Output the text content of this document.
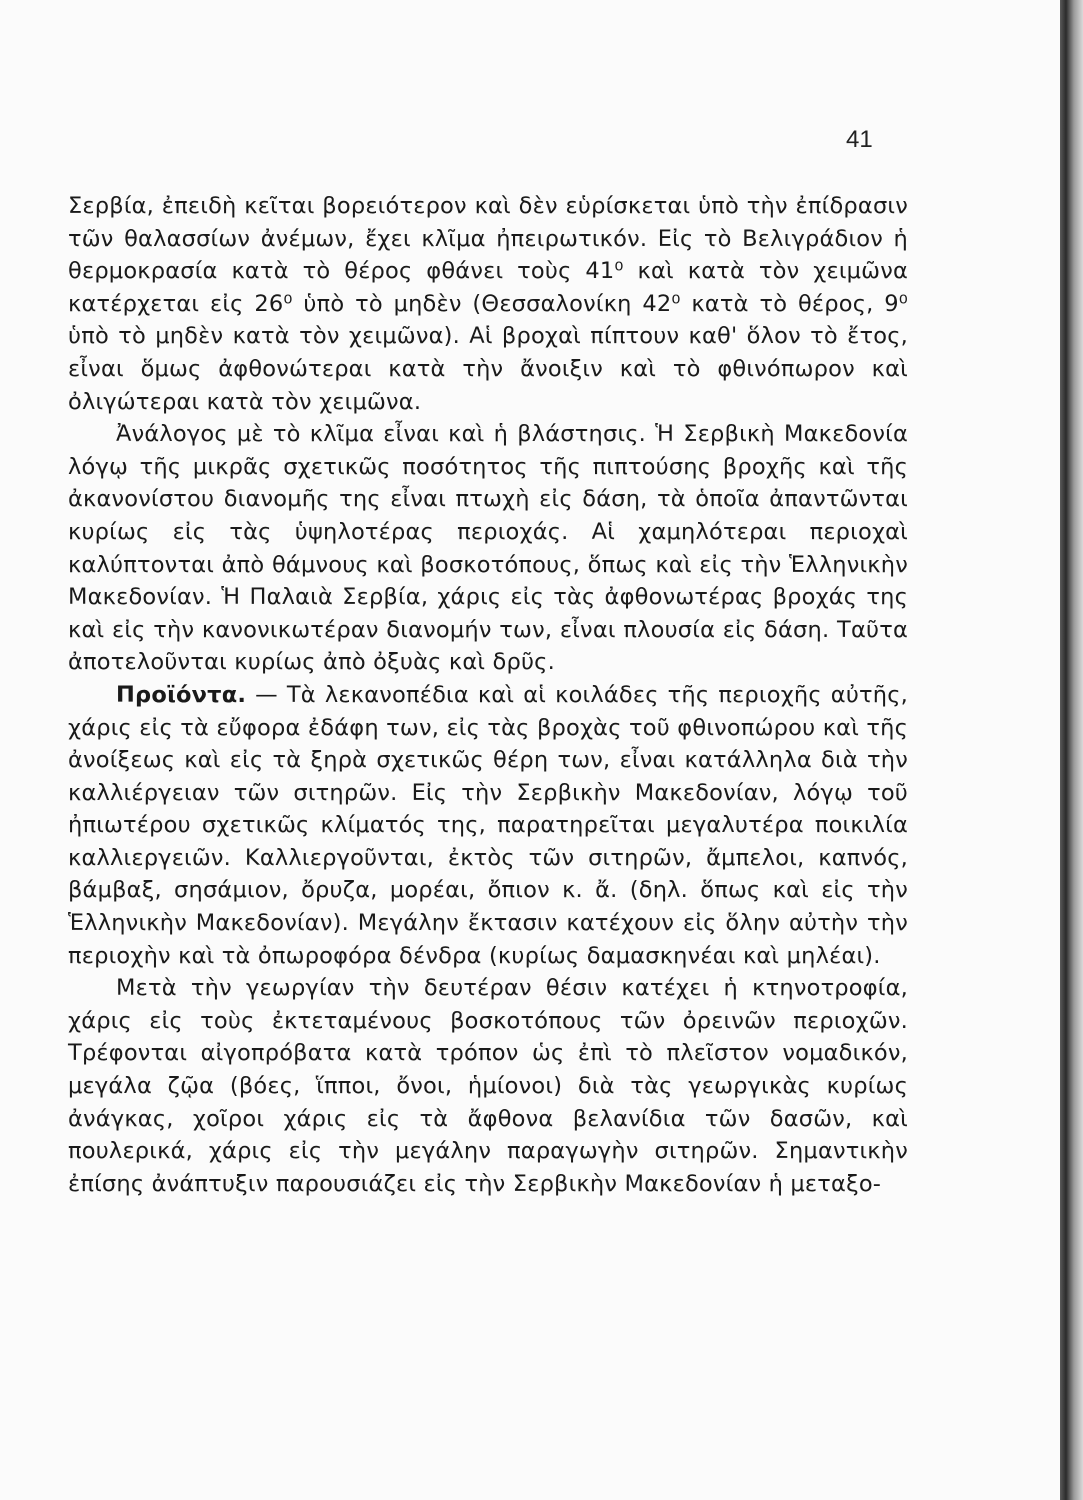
41

Σερβία, ἐπειδὴ κεῖται βορειότερον καὶ δὲν εὑρίσκεται ὑπὸ τὴν ἐπίδρασιν τῶν θαλασσίων ἀνέμων, ἔχει κλῖμα ἠπειρωτικόν. Εἰς τὸ Βελιγράδιον ἡ θερμοκρασία κατὰ τὸ θέρος φθάνει τοὺς 41⁰ καὶ κατὰ τὸν χειμῶνα κατέρχεται εἰς 26⁰ ὑπὸ τὸ μηδὲν (Θεσσαλονίκη 42⁰ κατὰ τὸ θέρος, 9⁰ ὑπὸ τὸ μηδὲν κατὰ τὸν χειμῶνα). Αἱ βροχαὶ πίπτουν καθ' ὅλον τὸ ἔτος, εἶναι ὅμως ἀφθονώτεραι κατὰ τὴν ἄνοιξιν καὶ τὸ φθινόπωρον καὶ ὀλιγώτεραι κατὰ τὸν χειμῶνα.

Ἀνάλογος μὲ τὸ κλῖμα εἶναι καὶ ἡ βλάστησις. Ἡ Σερβικὴ Μακεδονία λόγῳ τῆς μικρᾶς σχετικῶς ποσότητος τῆς πιπτούσης βροχῆς καὶ τῆς ἀκανονίστου διανομῆς της εἶναι πτωχὴ εἰς δάση, τὰ ὁποῖα ἀπαντῶνται κυρίως εἰς τὰς ὑψηλοτέρας περιοχάς. Αἱ χαμηλότεραι περιοχαὶ καλύπτονται ἀπὸ θάμνους καὶ βοσκοτόπους, ὅπως καὶ εἰς τὴν Ἑλληνικὴν Μακεδονίαν. Ἡ Παλαιὰ Σερβία, χάρις εἰς τὰς ἀφθονωτέρας βροχάς της καὶ εἰς τὴν κανονικωτέραν διανομήν των, εἶναι πλουσία εἰς δάση. Ταῦτα ἀποτελοῦνται κυρίως ἀπὸ ὀξυὰς καὶ δρῦς.

Προϊόντα. — Τὰ λεκανοπέδια καὶ αἱ κοιλάδες τῆς περιοχῆς αὐτῆς, χάρις εἰς τὰ εὔφορα ἐδάφη των, εἰς τὰς βροχὰς τοῦ φθινοπώρου καὶ τῆς ἀνοίξεως καὶ εἰς τὰ ξηρὰ σχετικῶς θέρη των, εἶναι κατάλληλα διὰ τὴν καλλιέργειαν τῶν σιτηρῶν. Εἰς τὴν Σερβικὴν Μακεδονίαν, λόγῳ τοῦ ἠπιωτέρου σχετικῶς κλίματός της, παρατηρεῖται μεγαλυτέρα ποικιλία καλλιεργειῶν. Καλλιεργοῦνται, ἐκτὸς τῶν σιτηρῶν, ἄμπελοι, καπνός, βάμβαξ, σησάμιον, ὄρυζα, μορέαι, ὄπιον κ. ἄ. (δηλ. ὅπως καὶ εἰς τὴν Ἑλληνικὴν Μακεδονίαν). Μεγάλην ἔκτασιν κατέχουν εἰς ὅλην αὐτὴν τὴν περιοχὴν καὶ τὰ ὀπωροφόρα δένδρα (κυρίως δαμασκηνέαι καὶ μηλέαι).

Μετὰ τὴν γεωργίαν τὴν δευτέραν θέσιν κατέχει ἡ κτηνοτροφία, χάρις εἰς τοὺς ἐκτεταμένους βοσκοτόπους τῶν ὀρεινῶν περιοχῶν. Τρέφονται αἰγοπρόβατα κατὰ τρόπον ὡς ἐπὶ τὸ πλεῖστον νομαδικόν, μεγάλα ζῷα (βόες, ἵπποι, ὄνοι, ἡμίονοι) διὰ τὰς γεωργικὰς κυρίως ἀνάγκας, χοῖροι χάρις εἰς τὰ ἄφθονα βελανίδια τῶν δασῶν, καὶ πουλερικά, χάρις εἰς τὴν μεγάλην παραγωγὴν σιτηρῶν. Σημαντικὴν ἐπίσης ἀνάπτυξιν παρουσιάζει εἰς τὴν Σερβικὴν Μακεδονίαν ἡ μεταξο-
